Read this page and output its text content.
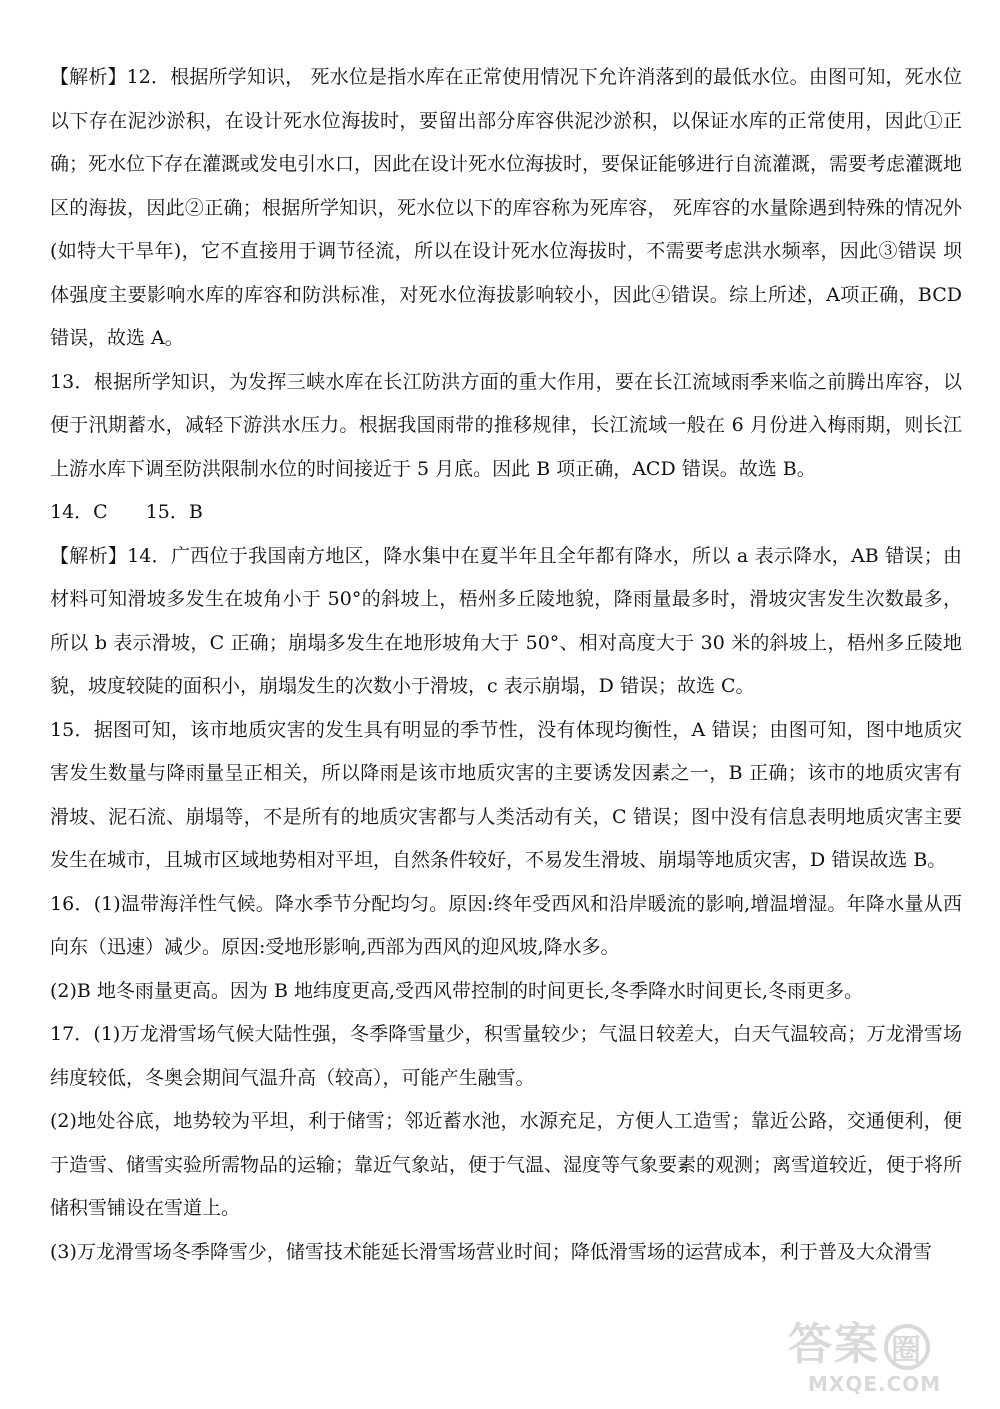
【解析】12．根据所学知识， 死水位是指水库在正常使用情况下允许消落到的最低水位。由图可知，死水位以下存在泥沙淤积，在设计死水位海拔时，要留出部分库容供泥沙淤积，以保证水库的正常使用，因此①正确；死水位下存在灌溉或发电引水口，因此在设计死水位海拔时，要保证能够进行自流灌溉，需要考虑灌溉地区的海拔，因此②正确；根据所学知识，死水位以下的库容称为死库容， 死库容的水量除遇到特殊的情况外(如特大干旱年)，它不直接用于调节径流，所以在设计死水位海拔时，不需要考虑洪水频率，因此③错误 坝体强度主要影响水库的库容和防洪标准，对死水位海拔影响较小，因此④错误。综上所述，A项正确，BCD 错误，故选 A。

13．根据所学知识，为发挥三峡水库在长江防洪方面的重大作用，要在长江流域雨季来临之前腾出库容，以便于汛期蓄水，减轻下游洪水压力。根据我国雨带的推移规律，长江流域一般在 6 月份进入梅雨期，则长江上游水库下调至防洪限制水位的时间接近于 5 月底。因此 B 项正确，ACD 错误。故选 B。

14．C　　15．B

【解析】14．广西位于我国南方地区，降水集中在夏半年且全年都有降水，所以 a 表示降水，AB 错误；由材料可知滑坡多发生在坡角小于 50°的斜坡上，梧州多丘陵地貌，降雨量最多时，滑坡灾害发生次数最多，所以 b 表示滑坡，C 正确；崩塌多发生在地形坡角大于 50°、相对高度大于 30 米的斜坡上，梧州多丘陵地貌，坡度较陡的面积小，崩塌发生的次数小于滑坡，c 表示崩塌，D 错误；故选 C。

15．据图可知，该市地质灾害的发生具有明显的季节性，没有体现均衡性，A 错误；由图可知，图中地质灾害发生数量与降雨量呈正相关，所以降雨是该市地质灾害的主要诱发因素之一，B 正确；该市的地质灾害有滑坡、泥石流、崩塌等，不是所有的地质灾害都与人类活动有关，C 错误；图中没有信息表明地质灾害主要发生在城市，且城市区域地势相对平坦，自然条件较好，不易发生滑坡、崩塌等地质灾害，D 错误故选 B。

16．(1)温带海洋性气候。降水季节分配均匀。原因:终年受西风和沿岸暖流的影响,增温增湿。年降水量从西向东（迅速）减少。原因:受地形影响,西部为西风的迎风坡,降水多。

(2)B 地冬雨量更高。因为 B 地纬度更高,受西风带控制的时间更长,冬季降水时间更长,冬雨更多。

17．(1)万龙滑雪场气候大陆性强，冬季降雪量少，积雪量较少；气温日较差大，白天气温较高；万龙滑雪场纬度较低，冬奥会期间气温升高（较高），可能产生融雪。

(2)地处谷底，地势较为平坦，利于储雪；邻近蓄水池，水源充足，方便人工造雪；靠近公路，交通便利，便于造雪、储雪实验所需物品的运输；靠近气象站，便于气温、湿度等气象要素的观测；离雪道较近，便于将所储积雪铺设在雪道上。

(3)万龙滑雪场冬季降雪少，储雪技术能延长滑雪场营业时间；降低滑雪场的运营成本，利于普及大众滑雪

答案 圈
MXQE.COM
